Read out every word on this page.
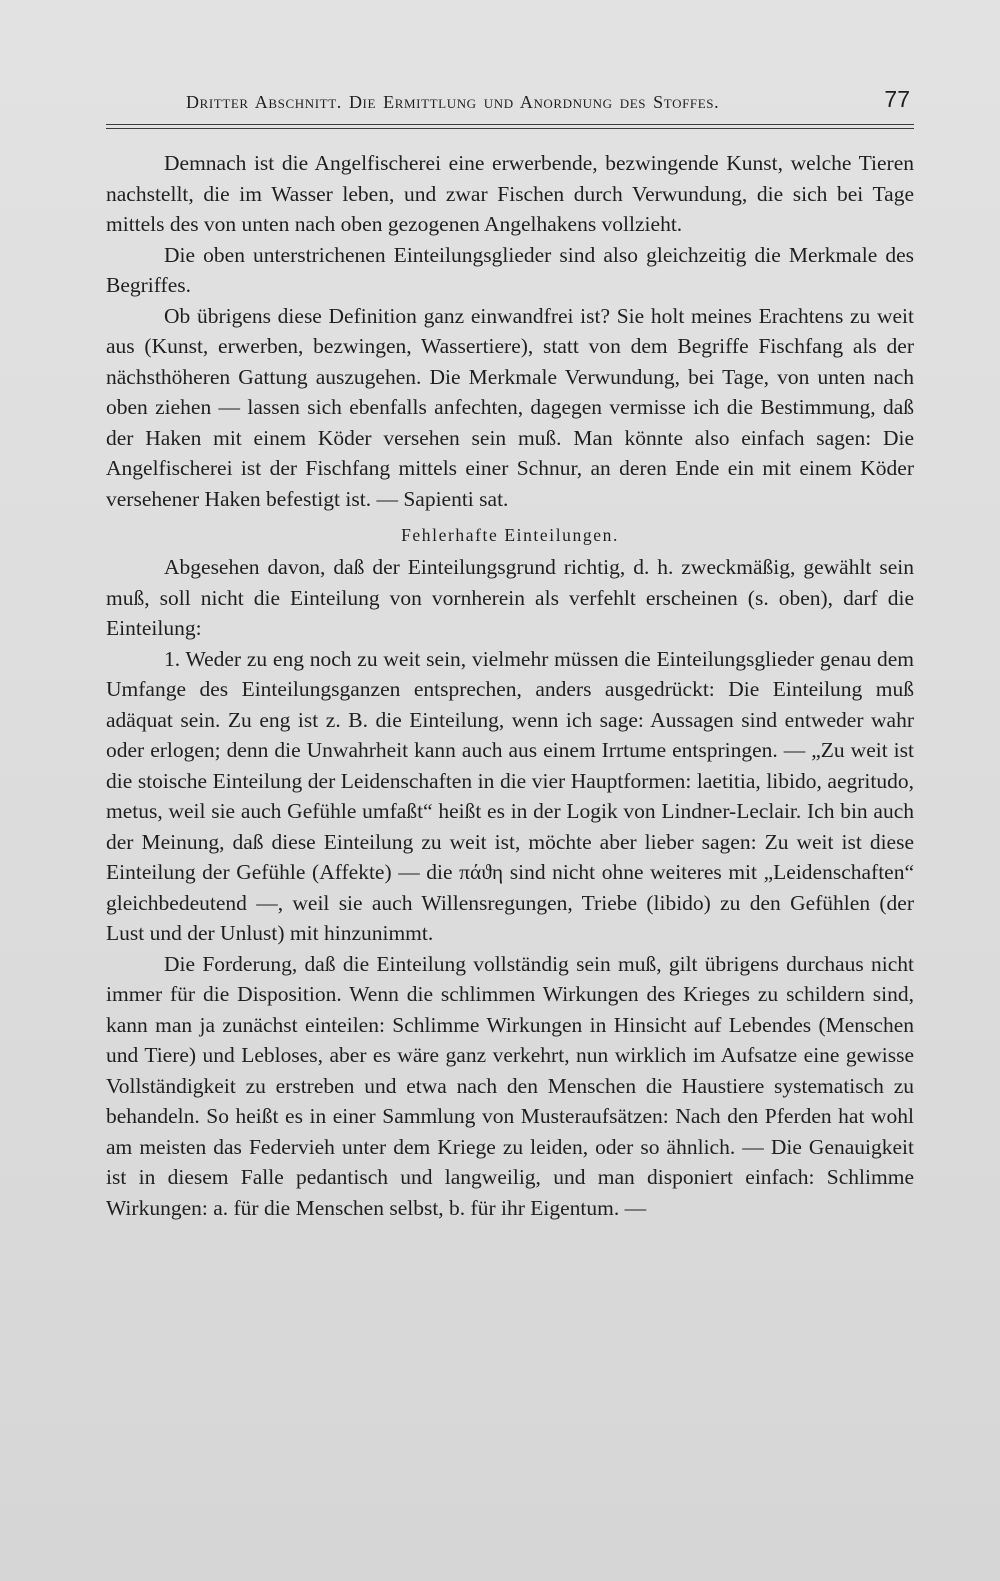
Dritter Abschnitt. Die Ermittlung und Anordnung des Stoffes.	77

Demnach ist die Angelfischerei eine erwerbende, bezwingende Kunst, welche Tieren nachstellt, die im Wasser leben, und zwar Fischen durch Verwundung, die sich bei Tage mittels des von unten nach oben gezogenen Angelhakens vollzieht.

Die oben unterstrichenen Einteilungsglieder sind also gleichzeitig die Merkmale des Begriffes.

Ob übrigens diese Definition ganz einwandfrei ist? Sie holt meines Erachtens zu weit aus (Kunst, erwerben, bezwingen, Wassertiere), statt von dem Begriffe Fischfang als der nächsthöheren Gattung auszugehen. Die Merkmale Verwundung, bei Tage, von unten nach oben ziehen — lassen sich ebenfalls anfechten, dagegen vermisse ich die Bestimmung, daß der Haken mit einem Köder versehen sein muß. Man könnte also einfach sagen: Die Angelfischerei ist der Fischfang mittels einer Schnur, an deren Ende ein mit einem Köder versehener Haken befestigt ist. — Sapienti sat.

Fehlerhafte Einteilungen.

Abgesehen davon, daß der Einteilungsgrund richtig, d. h. zweckmäßig, gewählt sein muß, soll nicht die Einteilung von vornherein als verfehlt erscheinen (s. oben), darf die Einteilung:

1. Weder zu eng noch zu weit sein, vielmehr müssen die Einteilungsglieder genau dem Umfange des Einteilungsganzen entsprechen, anders ausgedrückt: Die Einteilung muß adäquat sein. Zu eng ist z. B. die Einteilung, wenn ich sage: Aussagen sind entweder wahr oder erlogen; denn die Unwahrheit kann auch aus einem Irrtume entspringen. — „Zu weit ist die stoische Einteilung der Leidenschaften in die vier Hauptformen: laetitia, libido, aegritudo, metus, weil sie auch Gefühle umfaßt“ heißt es in der Logik von Lindner-Leclair. Ich bin auch der Meinung, daß diese Einteilung zu weit ist, möchte aber lieber sagen: Zu weit ist diese Einteilung der Gefühle (Affekte) — die πάϑη sind nicht ohne weiteres mit „Leidenschaften“ gleichbedeutend —, weil sie auch Willensregungen, Triebe (libido) zu den Gefühlen (der Lust und der Unlust) mit hinzunimmt.

Die Forderung, daß die Einteilung vollständig sein muß, gilt übrigens durchaus nicht immer für die Disposition. Wenn die schlimmen Wirkungen des Krieges zu schildern sind, kann man ja zunächst einteilen: Schlimme Wirkungen in Hinsicht auf Lebendes (Menschen und Tiere) und Lebloses, aber es wäre ganz verkehrt, nun wirklich im Aufsatze eine gewisse Vollständigkeit zu erstreben und etwa nach den Menschen die Haustiere systematisch zu behandeln. So heißt es in einer Sammlung von Musteraufsätzen: Nach den Pferden hat wohl am meisten das Federvieh unter dem Kriege zu leiden, oder so ähnlich. — Die Genauigkeit ist in diesem Falle pedantisch und langweilig, und man disponiert einfach: Schlimme Wirkungen: a. für die Menschen selbst, b. für ihr Eigentum. —
